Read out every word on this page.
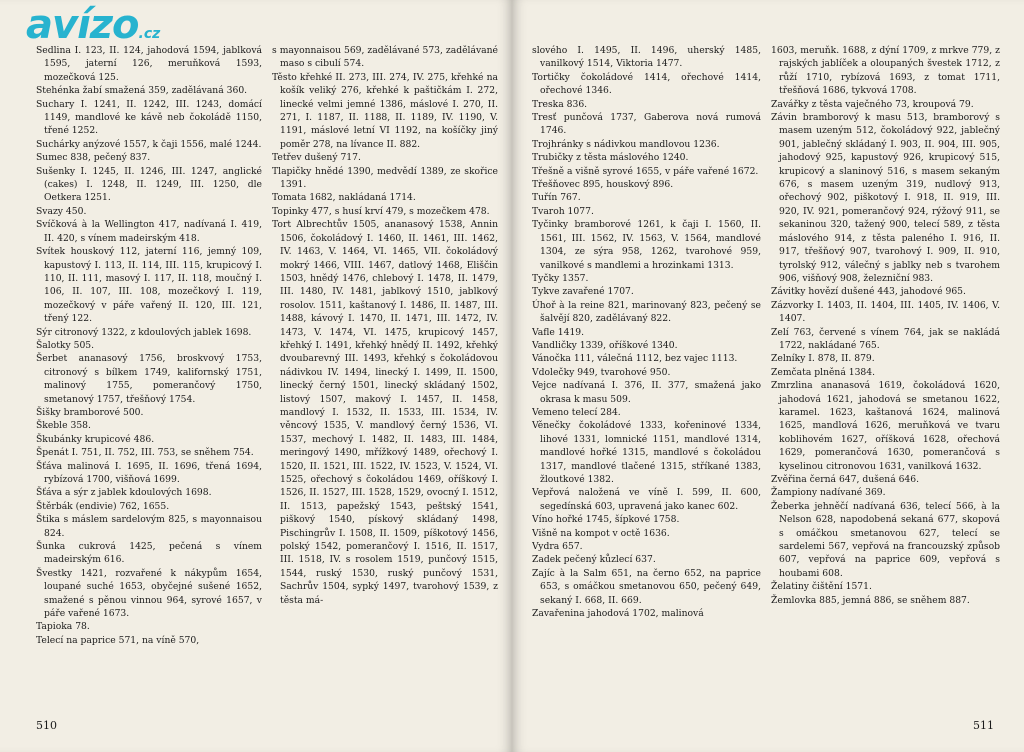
Sedlina I. 123, II. 124, jahodová 1594, jablková 1595, jaterní 126, meruňková 1593, mozečková 125.

Stehénka žabí smažená 359, zadělávaná 360.

Suchary I. 1241, II. 1242, III. 1243, domácí 1149, mandlové ke kávě neb čokoládě 1150, třené 1252.

Suchárky anýzové 1557, k čaji 1556, malé 1244.

Sumec 838, pečený 837.

Sušenky I. 1245, II. 1246, III. 1247, anglické (cakes) I. 1248, II. 1249, III. 1250, dle Oetkera 1251.

Svazy 450.

Svíčková à la Wellington 417, nadívaná I. 419, II. 420, s vínem madeirským 418.

Svítek houskový 112, jaterní 116, jemný 109, kapustový I. 113, II. 114, III. 115, krupicový I. 110, II. 111, masový I. 117, II. 118, moučný I. 106, II. 107, III. 108, mozečkový I. 119, mozečkový v páře vařený II. 120, III. 121, třený 122.

Sýr citronový 1322, z kdoulových jablek 1698.

Šalotky 505.

Šerbet ananasový 1756, broskvový 1753, citronový s bílkem 1749, kalifornský 1751, malinový 1755, pomerančový 1750, smetanový 1757, třešňový 1754.

Šišky bramborové 500.

Škeble 358.

Škubánky krupicové 486.

Špenát I. 751, II. 752, III. 753, se sněhem 754.

Šťáva malinová I. 1695, II. 1696, třená 1694, rybízová 1700, višňová 1699.

Šťáva a sýr z jablek kdoulových 1698.

Štěrbák (endivie) 762, 1655.

Štika s máslem sardelovým 825, s mayonnaisou 824.

Šunka cukrová 1425, pečená s vínem madeirským 616.

Švestky 1421, rozvařené k nákypům 1654, loupané suché 1653, obyčejné sušené 1652, smažené s pěnou vinnou 964, syrové 1657, v páře vařené 1673.

Tapioka 78.

Telecí na paprice 571, na víně 570,

s mayonnaisou 569, zadělávané 573, zadělávané maso s cibulí 574.

Těsto křehké II. 273, III. 274, IV. 275, křehké na košík veliký 276, křehké k paštičkám I. 272, linecké velmi jemné 1386, máslové I. 270, II. 271, I. 1187, II. 1188, II. 1189, IV. 1190, V. 1191, máslové letní VI 1192, na košíčky jiný poměr 278, na lívance II. 882.

Tetřev dušený 717.

Tlapičky hnědé 1390, medvědí 1389, ze skořice 1391.

Tomata 1682, nakládaná 1714.

Topinky 477, s husí krví 479, s mozečkem 478.

Tort Albrechtův 1505, ananasový 1538, Annin 1506, čokoládový I. 1460, II. 1461, III. 1462, IV. 1463, V. 1464, VI. 1465, VII. čokoládový mokrý 1466, VIII. 1467, datlový 1468, Eliščin 1503, hnědý 1476, chlebový I. 1478, II. 1479, III. 1480, IV. 1481, jablkový 1510, jablkový rosolov. 1511, kaštanový I. 1486, II. 1487, III. 1488, kávový I. 1470, II. 1471, III. 1472, IV. 1473, V. 1474, VI. 1475, krupicový 1457, křehký I. 1491, křehký hnědý II. 1492, křehký dvoubarevný III. 1493, křehký s čokoládovou nádivkou IV. 1494, linecký I. 1499, II. 1500, linecký černý 1501, linecký skládaný 1502, listový 1507, makový I. 1457, II. 1458, mandlový I. 1532, II. 1533, III. 1534, IV. věncový 1535, V. mandlový černý 1536, VI. 1537, mechový I. 1482, II. 1483, III. 1484, meringový 1490, mřížkový 1489, ořechový I. 1520, II. 1521, III. 1522, IV. 1523, V. 1524, VI. 1525, ořechový s čokoládou 1469, oříškový I. 1526, II. 1527, III. 1528, 1529, ovocný I. 1512, II. 1513, papežský 1543, peštský 1541, piškový 1540, pískový skládaný 1498, Pischingrův I. 1508, II. 1509, píškotový 1456, polský 1542, pomerančový I. 1516, II. 1517, III. 1518, IV. s rosolem 1519, punčový 1515, 1544, ruský 1530, ruský punčový 1531, Sachrův 1504, sypký 1497, tvarohový 1539, z těsta má-

510

slového I. 1495, II. 1496, uherský 1485, vanilkový 1514, Viktoria 1477.

Tortičky čokoládové 1414, ořechové 1414, ořechové 1346.

Treska 836.

Tresť punčová 1737, Gaberova nová rumová 1746.

Trojhránky s nádivkou mandlovou 1236.

Trubičky z těsta máslového 1240.

Třešně a višně syrové 1655, v páře vařené 1672.

Třešňovec 895, houskový 896.

Tuřín 767.

Tvaroh 1077.

Tyčinky bramborové 1261, k čaji I. 1560, II. 1561, III. 1562, IV. 1563, V. 1564, mandlové 1304, ze sýra 958, 1262, tvarohové 959, vanilkové s mandlemi a hrozinkami 1313.

Tyčky 1357.

Tykve zavařené 1707.

Úhoř à la reine 821, marinovaný 823, pečený se šalvějí 820, zadělávaný 822.

Vafle 1419.

Vandličky 1339, oříškové 1340.

Vánočka 111, válečná 1112, bez vajec 1113.

Vdolečky 949, tvarohové 950.

Vejce nadívaná I. 376, II. 377, smažená jako okrasa k masu 509.

Vemeno telecí 284.

Věnečky čokoládové 1333, kořeninové 1334, lihové 1331, lomnické 1151, mandlové 1314, mandlové hořké 1315, mandlové s čokoládou 1317, mandlové tlačené 1315, stříkané 1383, žloutkové 1382.

Vepřová naložená ve víně I. 599, II. 600, segedínská 603, upravená jako kanec 602.

Víno hořké 1745, šípkové 1758.

Višně na kompot v octě 1636.

Vydra 657.

Zadek pečený kůzlecí 637.

Zajíc à la Salm 651, na černo 652, na paprice 653, s omáčkou smetanovou 650, pečený 649, sekaný I. 668, II. 669.

Zavařenina jahodová 1702, malinová

1603, meruňk. 1688, z dýní 1709, z mrkve 779, z rajských jablíček a oloupaných švestek 1712, z růží 1710, rybízová 1693, z tomat 1711, třešňová 1686, tykvová 1708.

Zavářky z těsta vaječného 73, kroupová 79.

Závin bramborový k masu 513, bramborový s masem uzeným 512, čokoládový 922, jablečný 901, jablečný skládaný I. 903, II. 904, III. 905, jahodový 925, kapustový 926, krupicový 515, krupicový a slaninový 516, s masem sekaným 676, s masem uzeným 319, nudlový 913, ořechový 902, piškotový I. 918, II. 919, III. 920, IV. 921, pomerančový 924, rýžový 911, se sekaninou 320, tažený 900, telecí 589, z těsta máslového 914, z těsta paleného I. 916, II. 917, třešňový 907, tvarohový I. 909, II. 910, tyrolský 912, válečný s jablky neb s tvarohem 906, višňový 908, železniční 983.

Závitky hovězí dušené 443, jahodové 965.

Zázvorky I. 1403, II. 1404, III. 1405, IV. 1406, V. 1407.

Zelí 763, červené s vínem 764, jak se nakládá 1722, nakládané 765.

Zelníky I. 878, II. 879.

Zemčata plněná 1384.

Zmrzlina ananasová 1619, čokoládová 1620, jahodová 1621, jahodová se smetanou 1622, karamel. 1623, kaštanová 1624, malinová 1625, mandlová 1626, meruňková ve tvaru koblihovém 1627, oříšková 1628, ořechová 1629, pomerančová 1630, pomerančová s kyselinou citronovou 1631, vanilková 1632.

Zvěřina černá 647, dušená 646.

Žampiony nadívané 369.

Žeberka jehněčí nadívaná 636, telecí 566, à la Nelson 628, napodobená sekaná 677, skopová s omáčkou smetanovou 627, telecí se sardelemi 567, vepřová na francouzský způsob 607, vepřová na paprice 609, vepřová s houbami 608.

Želatiny čištění 1571.

Žemlovka 885, jemná 886, se sněhem 887.

511
avízo.cz
